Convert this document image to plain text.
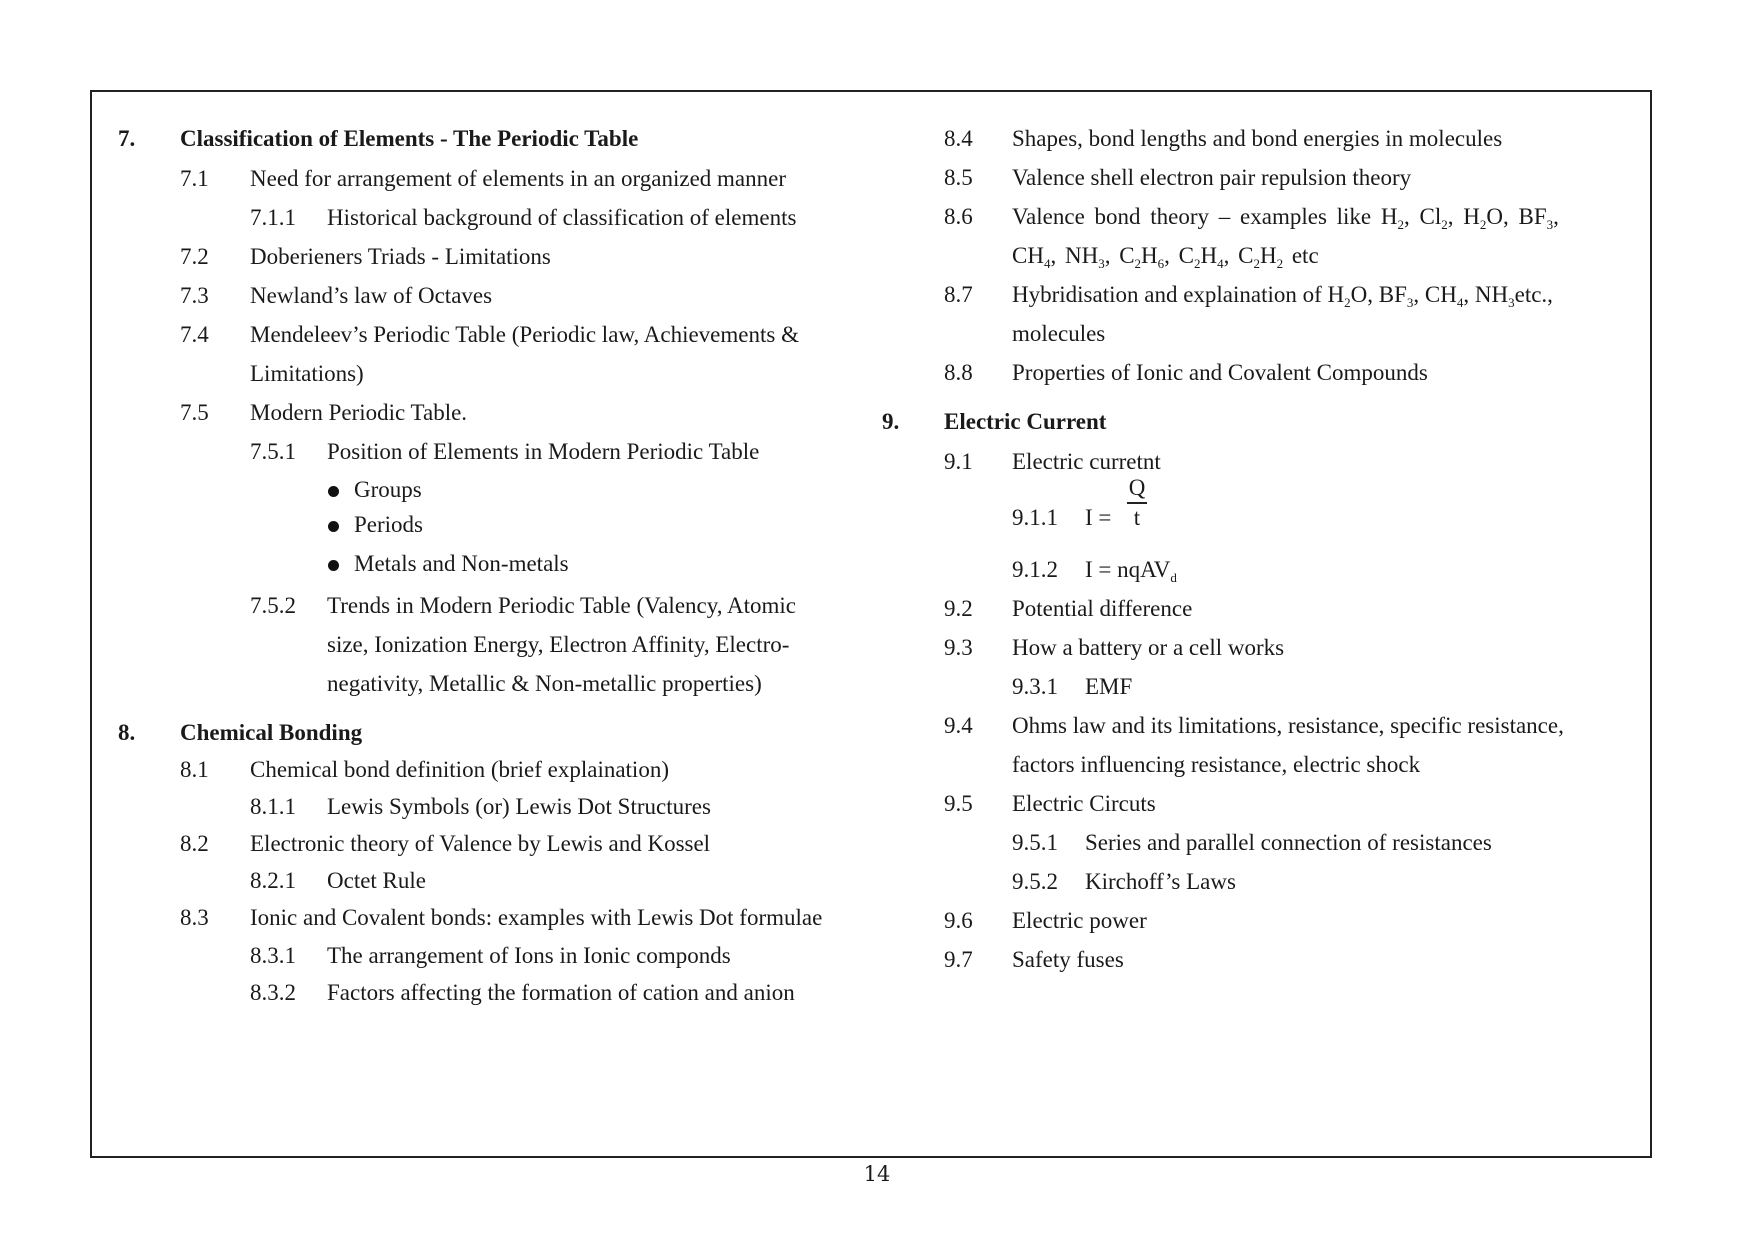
7. Classification of Elements - The Periodic Table
7.1 Need for arrangement of elements in an organized manner
7.1.1 Historical background of classification of elements
7.2 Doberieners Triads - Limitations
7.3 Newland’s law of Octaves
7.4 Mendeleev’s Periodic Table (Periodic law, Achievements &
Limitations)
7.5 Modern Periodic Table.
7.5.1 Position of Elements in Modern Periodic Table
Groups
Periods
Metals and Non-metals
7.5.2 Trends in Modern Periodic Table (Valency, Atomic
size, Ionization Energy, Electron Affinity, Electro-
negativity, Metallic & Non-metallic properties)
8. Chemical Bonding
8.1 Chemical bond definition (brief explaination)
8.1.1 Lewis Symbols (or) Lewis Dot Structures
8.2 Electronic theory of Valence by Lewis and Kossel
8.2.1 Octet Rule
8.3 Ionic and Covalent bonds: examples with Lewis Dot formulae
8.3.1 The arrangement of Ions in Ionic componds
8.3.2 Factors affecting the formation of cation and anion
8.4 Shapes, bond lengths and bond energies in molecules
8.5 Valence shell electron pair repulsion theory
8.6 Valence bond theory – examples like $H_2$, $Cl_2$, $H_2O$, $BF_3$,
$CH_4$, $NH_3$, $C_2H_6$, $C_2H_4$, $C_2H_2$ etc
8.7 Hybridisation and explaination of $H_2O$, $BF_3$, $CH_4$, $NH_3etc$.,
molecules
8.8 Properties of Ionic and Covalent Compounds
9. Electric Current
9.1 Electric curretnt
9.1.1 I =
Q
t
9.1.2 I = nqAV$_d$
9.2 Potential difference
9.3 How a battery or a cell works
9.3.1 EMF
9.4 Ohms law and its limitations, resistance, specific resistance,
factors influencing resistance, electric shock
9.5 Electric Circuts
9.5.1 Series and parallel connection of resistances
9.5.2 Kirchoff’s Laws
9.6 Electric power
9.7 Safety fuses
14
